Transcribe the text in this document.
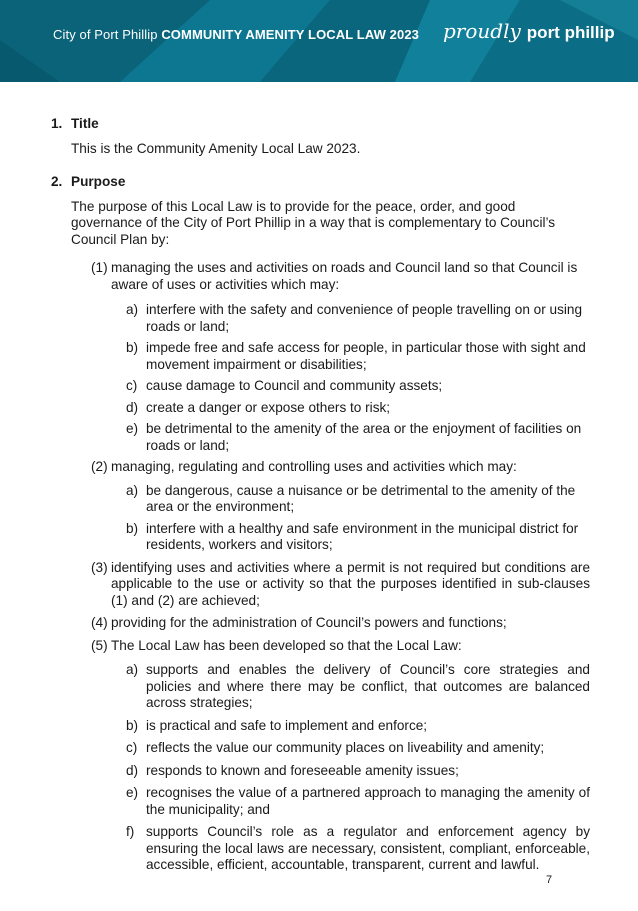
City of Port Phillip COMMUNITY AMENITY LOCAL LAW 2023 proudly port phillip
1. Title
This is the Community Amenity Local Law 2023.
2. Purpose
The purpose of this Local Law is to provide for the peace, order, and good governance of the City of Port Phillip in a way that is complementary to Council’s Council Plan by:
(1) managing the uses and activities on roads and Council land so that Council is aware of uses or activities which may:
a) interfere with the safety and convenience of people travelling on or using roads or land;
b) impede free and safe access for people, in particular those with sight and movement impairment or disabilities;
c) cause damage to Council and community assets;
d) create a danger or expose others to risk;
e) be detrimental to the amenity of the area or the enjoyment of facilities on roads or land;
(2) managing, regulating and controlling uses and activities which may:
a) be dangerous, cause a nuisance or be detrimental to the amenity of the area or the environment;
b) interfere with a healthy and safe environment in the municipal district for residents, workers and visitors;
(3) identifying uses and activities where a permit is not required but conditions are applicable to the use or activity so that the purposes identified in sub-clauses (1) and (2) are achieved;
(4) providing for the administration of Council’s powers and functions;
(5) The Local Law has been developed so that the Local Law:
a) supports and enables the delivery of Council’s core strategies and policies and where there may be conflict, that outcomes are balanced across strategies;
b) is practical and safe to implement and enforce;
c) reflects the value our community places on liveability and amenity;
d) responds to known and foreseeable amenity issues;
e) recognises the value of a partnered approach to managing the amenity of the municipality; and
f) supports Council’s role as a regulator and enforcement agency by ensuring the local laws are necessary, consistent, compliant, enforceable, accessible, efficient, accountable, transparent, current and lawful.
7
